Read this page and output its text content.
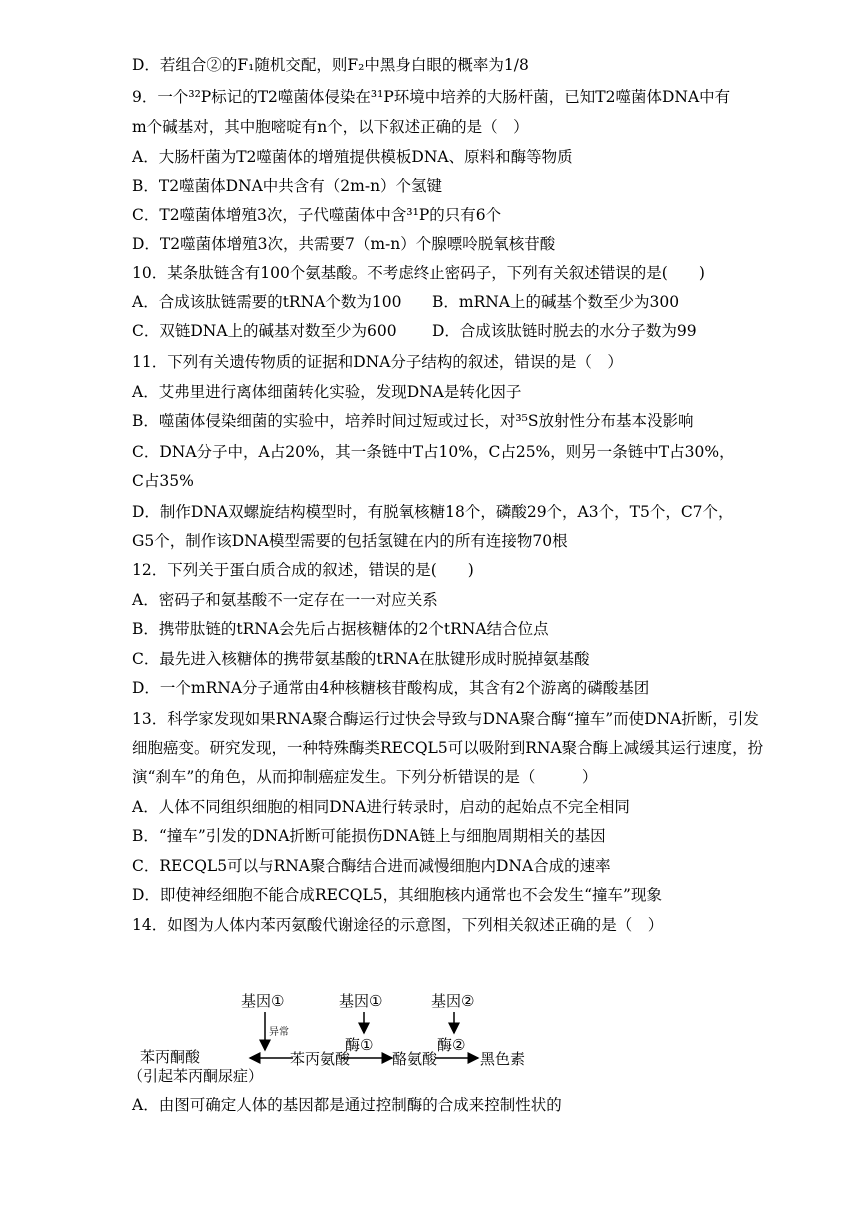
D．若组合②的F₁随机交配，则F₂中黑身白眼的概率为1/8
9．一个³²P标记的T2噬菌体侵染在³¹P环境中培养的大肠杆菌，已知T2噬菌体DNA中有
m个碱基对，其中胞嘧啶有n个，以下叙述正确的是（　）
A．大肠杆菌为T2噬菌体的增殖提供模板DNA、原料和酶等物质
B．T2噬菌体DNA中共含有（2m-n）个氢键
C．T2噬菌体增殖3次，子代噬菌体中含³¹P的只有6个
D．T2噬菌体增殖3次，共需要7（m-n）个腺嘌呤脱氧核苷酸
10．某条肽链含有100个氨基酸。不考虑终止密码子，下列有关叙述错误的是(　　)
A．合成该肽链需要的tRNA个数为100 B．mRNA上的碱基个数至少为300
C．双链DNA上的碱基对数至少为600 D．合成该肽链时脱去的水分子数为99
11．下列有关遗传物质的证据和DNA分子结构的叙述，错误的是（　）
A．艾弗里进行离体细菌转化实验，发现DNA是转化因子
B．噬菌体侵染细菌的实验中，培养时间过短或过长，对³⁵S放射性分布基本没影响
C．DNA分子中，A占20%，其一条链中T占10%，C占25%，则另一条链中T占30%，
C占35%
D．制作DNA双螺旋结构模型时，有脱氧核糖18个，磷酸29个，A3个，T5个，C7个，
G5个，制作该DNA模型需要的包括氢键在内的所有连接物70根
12．下列关于蛋白质合成的叙述，错误的是(　　)
A．密码子和氨基酸不一定存在一一对应关系
B．携带肽链的tRNA会先后占据核糖体的2个tRNA结合位点
C．最先进入核糖体的携带氨基酸的tRNA在肽键形成时脱掉氨基酸
D．一个mRNA分子通常由4种核糖核苷酸构成，其含有2个游离的磷酸基团
13．科学家发现如果RNA聚合酶运行过快会导致与DNA聚合酶“撞车”而使DNA折断，引发
细胞癌变。研究发现，一种特殊酶类RECQL5可以吸附到RNA聚合酶上减缓其运行速度，扮
演“刹车”的角色，从而抑制癌症发生。下列分析错误的是（　　　）
A．人体不同组织细胞的相同DNA进行转录时，启动的起始点不完全相同
B．“撞车”引发的DNA折断可能损伤DNA链上与细胞周期相关的基因
C．RECQL5可以与RNA聚合酶结合进而减慢细胞内DNA合成的速率
D．即使神经细胞不能合成RECQL5，其细胞核内通常也不会发生“撞车”现象
14．如图为人体内苯丙氨酸代谢途径的示意图，下列相关叙述正确的是（　）
基因①
异常
基因①	基因②
酶①	酶②
苯丙酮酸
（引起苯丙酮尿症）
苯丙氨酸	酪氨酸	黑色素
A．由图可确定人体的基因都是通过控制酶的合成来控制性状的
